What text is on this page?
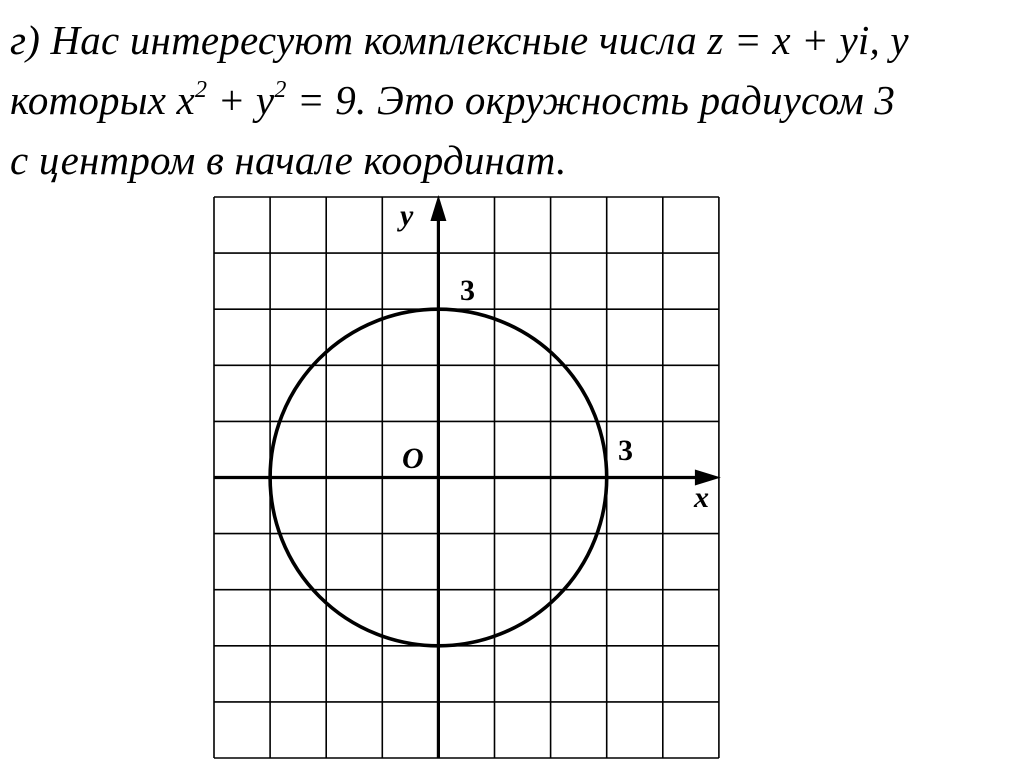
г) Нас интересуют комплексные числа z = x + yi, у
которых $x^2 + y^2 = 9$. Это окружность радиусом 3
с центром в начале координат.
y
x
O
3
3
